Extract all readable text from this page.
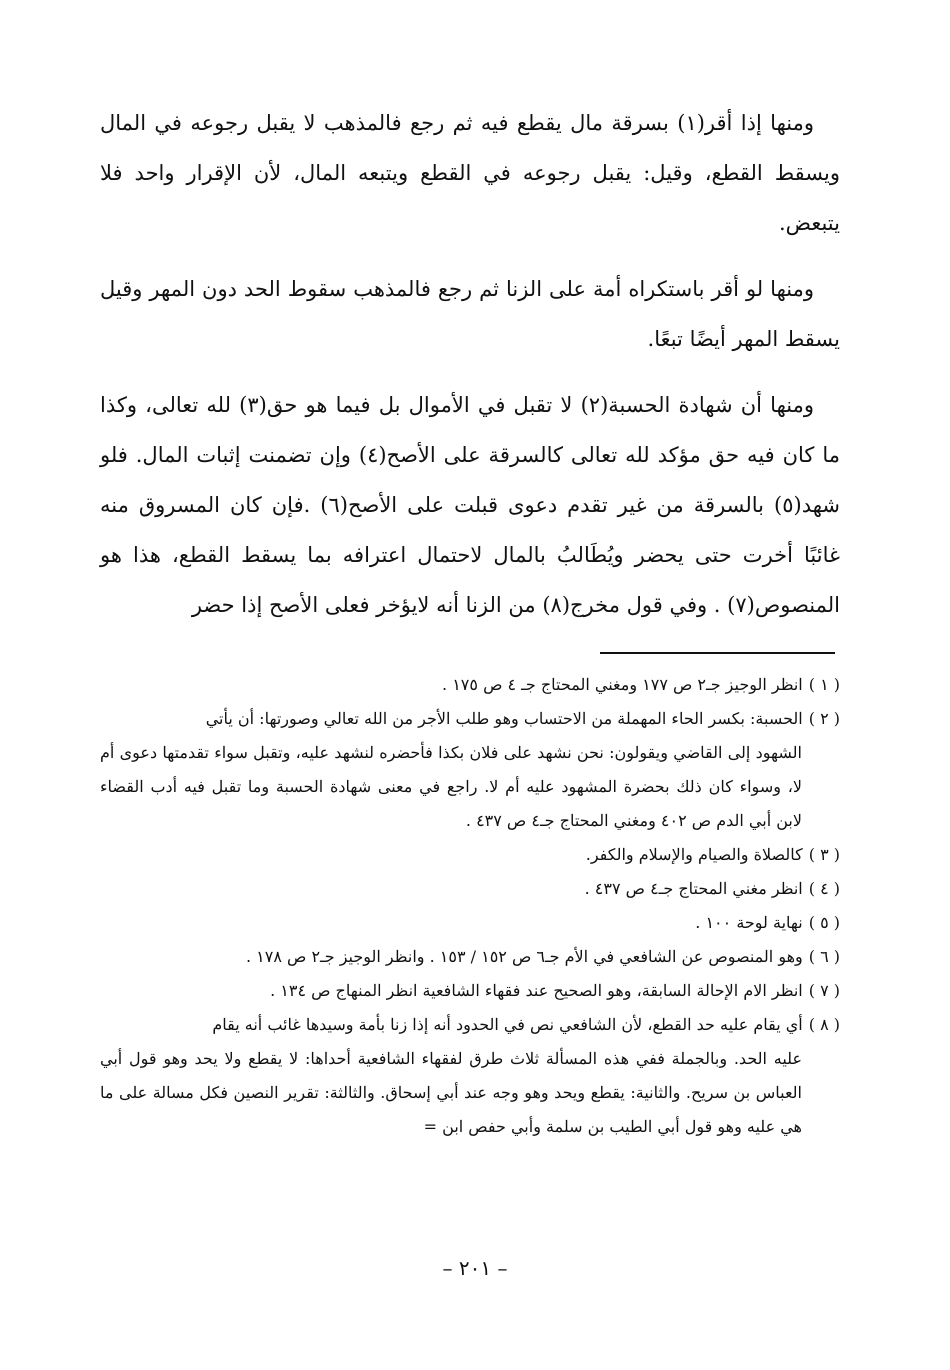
ومنها إذا أقر(١) بسرقة مال يقطع فيه ثم رجع فالمذهب لا يقبل رجوعه في المال ويسقط القطع، وقيل: يقبل رجوعه في القطع ويتبعه المال، لأن الإقرار واحد فلا يتبعض.

ومنها لو أقر باستكراه أمة على الزنا ثم رجع فالمذهب سقوط الحد دون المهر وقيل يسقط المهر أيضًا تبعًا.

ومنها أن شهادة الحسبة(٢) لا تقبل في الأموال بل فيما هو حق(٣) لله تعالى، وكذا ما كان فيه حق مؤكد لله تعالى كالسرقة على الأصح(٤) وإن تضمنت إثبات المال. فلو شهد(٥) بالسرقة من غير تقدم دعوى قبلت على الأصح(٦) .فإن كان المسروق منه غائبًا أخرت حتى يحضر ويُطَالبُ بالمال لاحتمال اعترافه بما يسقط القطع، هذا هو المنصوص(٧) . وفي قول مخرج(٨) من الزنا أنه لايؤخر فعلى الأصح إذا حضر

( ١ )انظر الوجيز جـ٢ ص ١٧٧ ومغني المحتاج جـ ٤ ص ١٧٥ .

( ٢ )الحسبة: بكسر الحاء المهملة من الاحتساب وهو طلب الأجر من الله تعالي وصورتها: أن يأتي
الشهود إلى القاضي ويقولون: نحن نشهد على فلان بكذا فأحضره لنشهد عليه، وتقبل سواء تقدمتها دعوى أم لا، وسواء كان ذلك بحضرة المشهود عليه أم لا. راجع في معنى شهادة الحسبة وما تقبل فيه أدب القضاء لابن أبي الدم ص ٤٠٢ ومغني المحتاج جـ٤ ص ٤٣٧ .

( ٣ )كالصلاة والصيام والإسلام والكفر.

( ٤ )انظر مغني المحتاج جـ٤ ص ٤٣٧ .

( ٥ )نهاية لوحة ١٠٠ .

( ٦ )وهو المنصوص عن الشافعي في الأم جـ٦ ص ١٥٢ / ١٥٣ . وانظر الوجيز جـ٢ ص ١٧٨ .

( ٧ )انظر الام الإحالة السابقة، وهو الصحيح عند فقهاء الشافعية انظر المنهاج ص ١٣٤ .

( ٨ )أي يقام عليه حد القطع، لأن الشافعي نص في الحدود أنه إذا زنا بأمة وسيدها غائب أنه يقام
عليه الحد. وبالجملة ففي هذه المسألة ثلاث طرق لفقهاء الشافعية أحداها: لا يقطع ولا يحد وهو قول أبي العباس بن سريح. والثانية: يقطع ويحد وهو وجه عند أبي إسحاق. والثالثة: تقرير النصين فكل مسالة على ما هي عليه وهو قول أبي الطيب بن سلمة وأبي حفص ابن =

– ٢٠١ –
